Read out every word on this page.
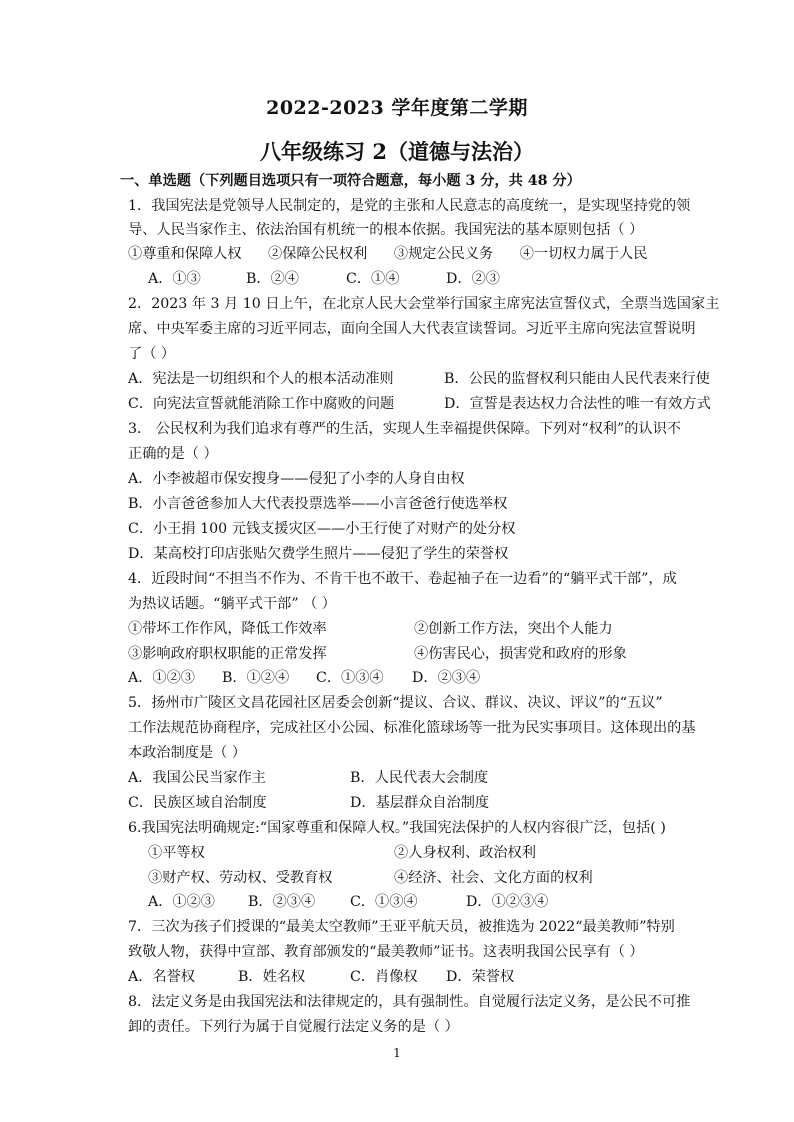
2022-2023 学年度第二学期
八年级练习 2（道德与法治）
一、单选题（下列题目选项只有一项符合题意，每小题 3 分，共 48 分）
1．我国宪法是党领导人民制定的，是党的主张和人民意志的高度统一，是实现坚持党的领
导、人民当家作主、依法治国有机统一的根本依据。我国宪法的基本原则包括（ ）
①尊重和保障人权 ②保障公民权利 ③规定公民义务 ④一切权力属于人民
A．①③	B．②④	C．①④	D．②③
2．2023 年 3 月 10 日上午，在北京人民大会堂举行国家主席宪法宣誓仪式，全票当选国家主
席、中央军委主席的习近平同志，面向全国人大代表宣读誓词。习近平主席向宪法宣誓说明
了（ ）
A．宪法是一切组织和个人的根本活动准则	B．公民的监督权利只能由人民代表来行使
C．向宪法宣誓就能消除工作中腐败的问题	D．宣誓是表达权力合法性的唯一有效方式
3． 公民权利为我们追求有尊严的生活，实现人生幸福提供保障。下列对“权利”的认识不
正确的是（ ）
A．小李被超市保安搜身——侵犯了小李的人身自由权
B．小言爸爸参加人大代表投票选举——小言爸爸行使选举权
C．小王捐 100 元钱支援灾区——小王行使了对财产的处分权
D．某高校打印店张贴欠费学生照片——侵犯了学生的荣誉权
4．近段时间“不担当不作为、不肯干也不敢干、卷起袖子在一边看”的“躺平式干部”，成
为热议话题。“躺平式干部” （ ）
①带坏工作作风，降低工作效率	②创新工作方法，突出个人能力
③影响政府职权职能的正常发挥	④伤害民心，损害党和政府的形象
A．①②③ B．①②④ C．①③④ D．②③④
5．扬州市广陵区文昌花园社区居委会创新“提议、合议、群议、决议、评议”的“五议”
工作法规范协商程序，完成社区小公园、标准化篮球场等一批为民实事项目。这体现出的基
本政治制度是（ ）
A．我国公民当家作主	B．人民代表大会制度
C．民族区域自治制度	D．基层群众自治制度
6.我国宪法明确规定:“国家尊重和保障人权。”我国宪法保护的人权内容很广泛，包括( )
①平等权	②人身权利、政治权利
③财产权、劳动权、受教育权	④经济、社会、文化方面的权利
A．①②③ B．②③④ C．①③④	D．①②③④
7．三次为孩子们授课的“最美太空教师”王亚平航天员，被推选为 2022“最美教师”特别
致敬人物，获得中宣部、教育部颁发的“最美教师”证书。这表明我国公民享有（ ）
A．名誉权	B．姓名权	C．肖像权 D．荣誉权
8．法定义务是由我国宪法和法律规定的，具有强制性。自觉履行法定义务，是公民不可推
卸的责任。下列行为属于自觉履行法定义务的是（ ）
1
